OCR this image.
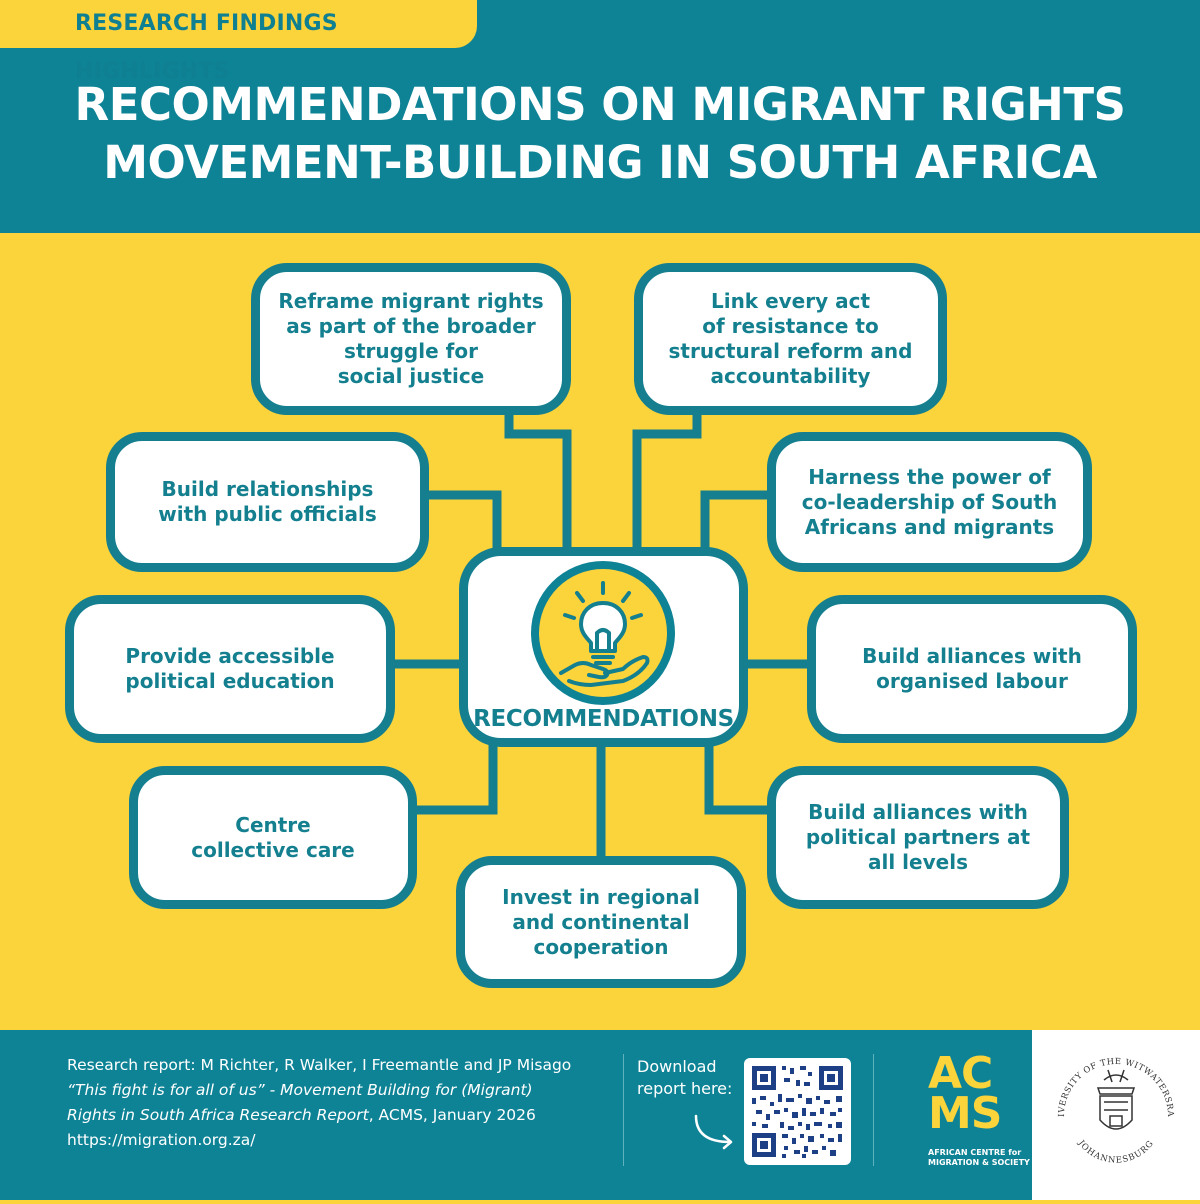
RESEARCH FINDINGS HIGHLIGHTS
RECOMMENDATIONS ON MIGRANT RIGHTS
MOVEMENT-BUILDING IN SOUTH AFRICA
Reframe migrant rights
as part of the broader
struggle for
social justice
Link every act
of resistance to
structural reform and
accountability
Build relationships
with public officials
Harness the power of
co-leadership of South
Africans and migrants
Provide accessible
political education
Build alliances with
organised labour
Centre
collective care
Build alliances with
political partners at
all levels
Invest in regional
and continental
cooperation
RECOMMENDATIONS
Research report: M Richter, R Walker, I Freemantle and JP Misago
“This fight is for all of us” - Movement Building for (Migrant)
Rights in South Africa Research Report, ACMS, January 2026
https://migration.org.za/
Download
report here:	AC
MS
AFRICAN CENTRE for
MIGRATION & SOCIETY
IVERSITY OF THE WITWATERSRA
JOHANNESBURG
